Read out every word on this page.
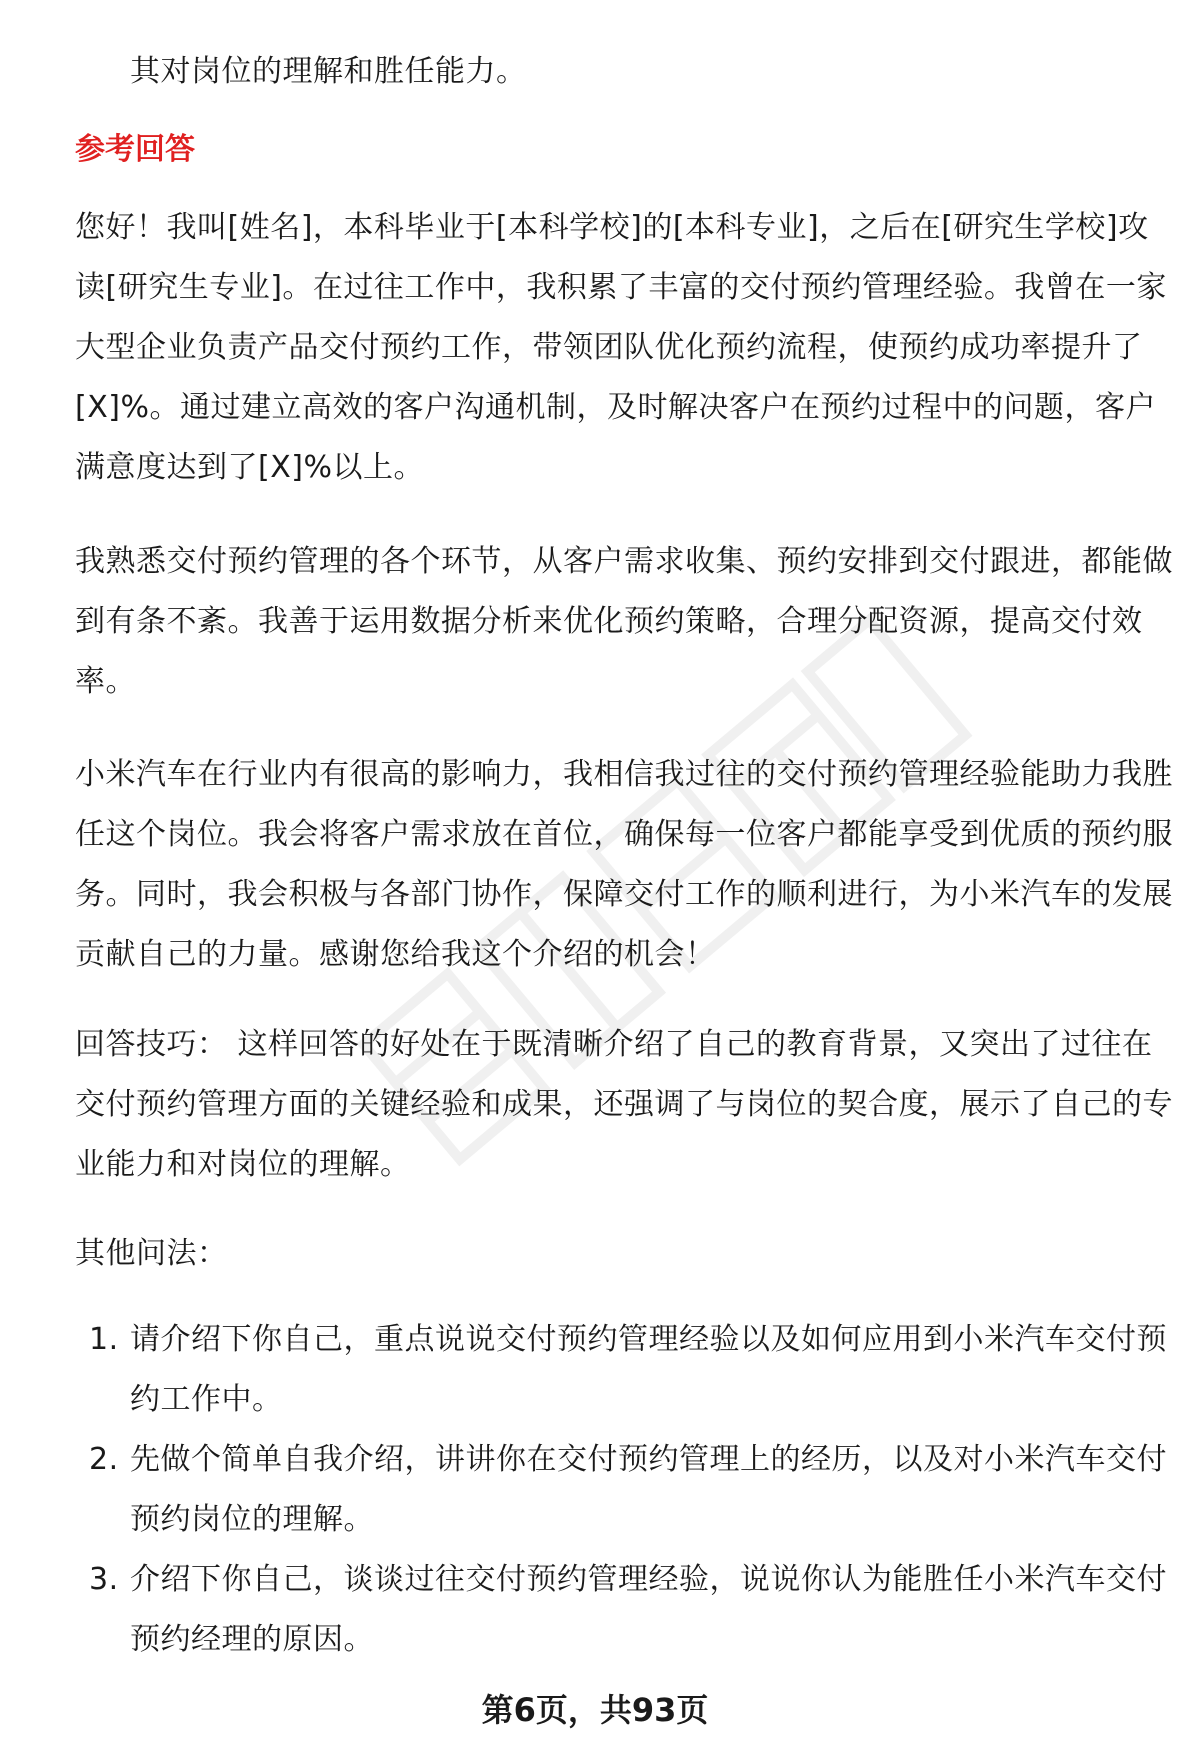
其对岗位的理解和胜任能力。
参考回答
您好！我叫[姓名]，本科毕业于[本科学校]的[本科专业]，之后在[研究生学校]攻读[研究生专业]。在过往工作中，我积累了丰富的交付预约管理经验。我曾在一家大型企业负责产品交付预约工作，带领团队优化预约流程，使预约成功率提升了[X]%。通过建立高效的客户沟通机制，及时解决客户在预约过程中的问题，客户满意度达到了[X]%以上。
我熟悉交付预约管理的各个环节，从客户需求收集、预约安排到交付跟进，都能做到有条不紊。我善于运用数据分析来优化预约策略，合理分配资源，提高交付效率。
小米汽车在行业内有很高的影响力，我相信我过往的交付预约管理经验能助力我胜任这个岗位。我会将客户需求放在首位，确保每一位客户都能享受到优质的预约服务。同时，我会积极与各部门协作，保障交付工作的顺利进行，为小米汽车的发展贡献自己的力量。感谢您给我这个介绍的机会！
回答技巧： 这样回答的好处在于既清晰介绍了自己的教育背景，又突出了过往在交付预约管理方面的关键经验和成果，还强调了与岗位的契合度，展示了自己的专业能力和对岗位的理解。
其他问法：
1. 请介绍下你自己，重点说说交付预约管理经验以及如何应用到小米汽车交付预约工作中。
2. 先做个简单自我介绍，讲讲你在交付预约管理上的经历，以及对小米汽车交付预约岗位的理解。
3. 介绍下你自己，谈谈过往交付预约管理经验，说说你认为能胜任小米汽车交付预约经理的原因。
第6页，共93页
